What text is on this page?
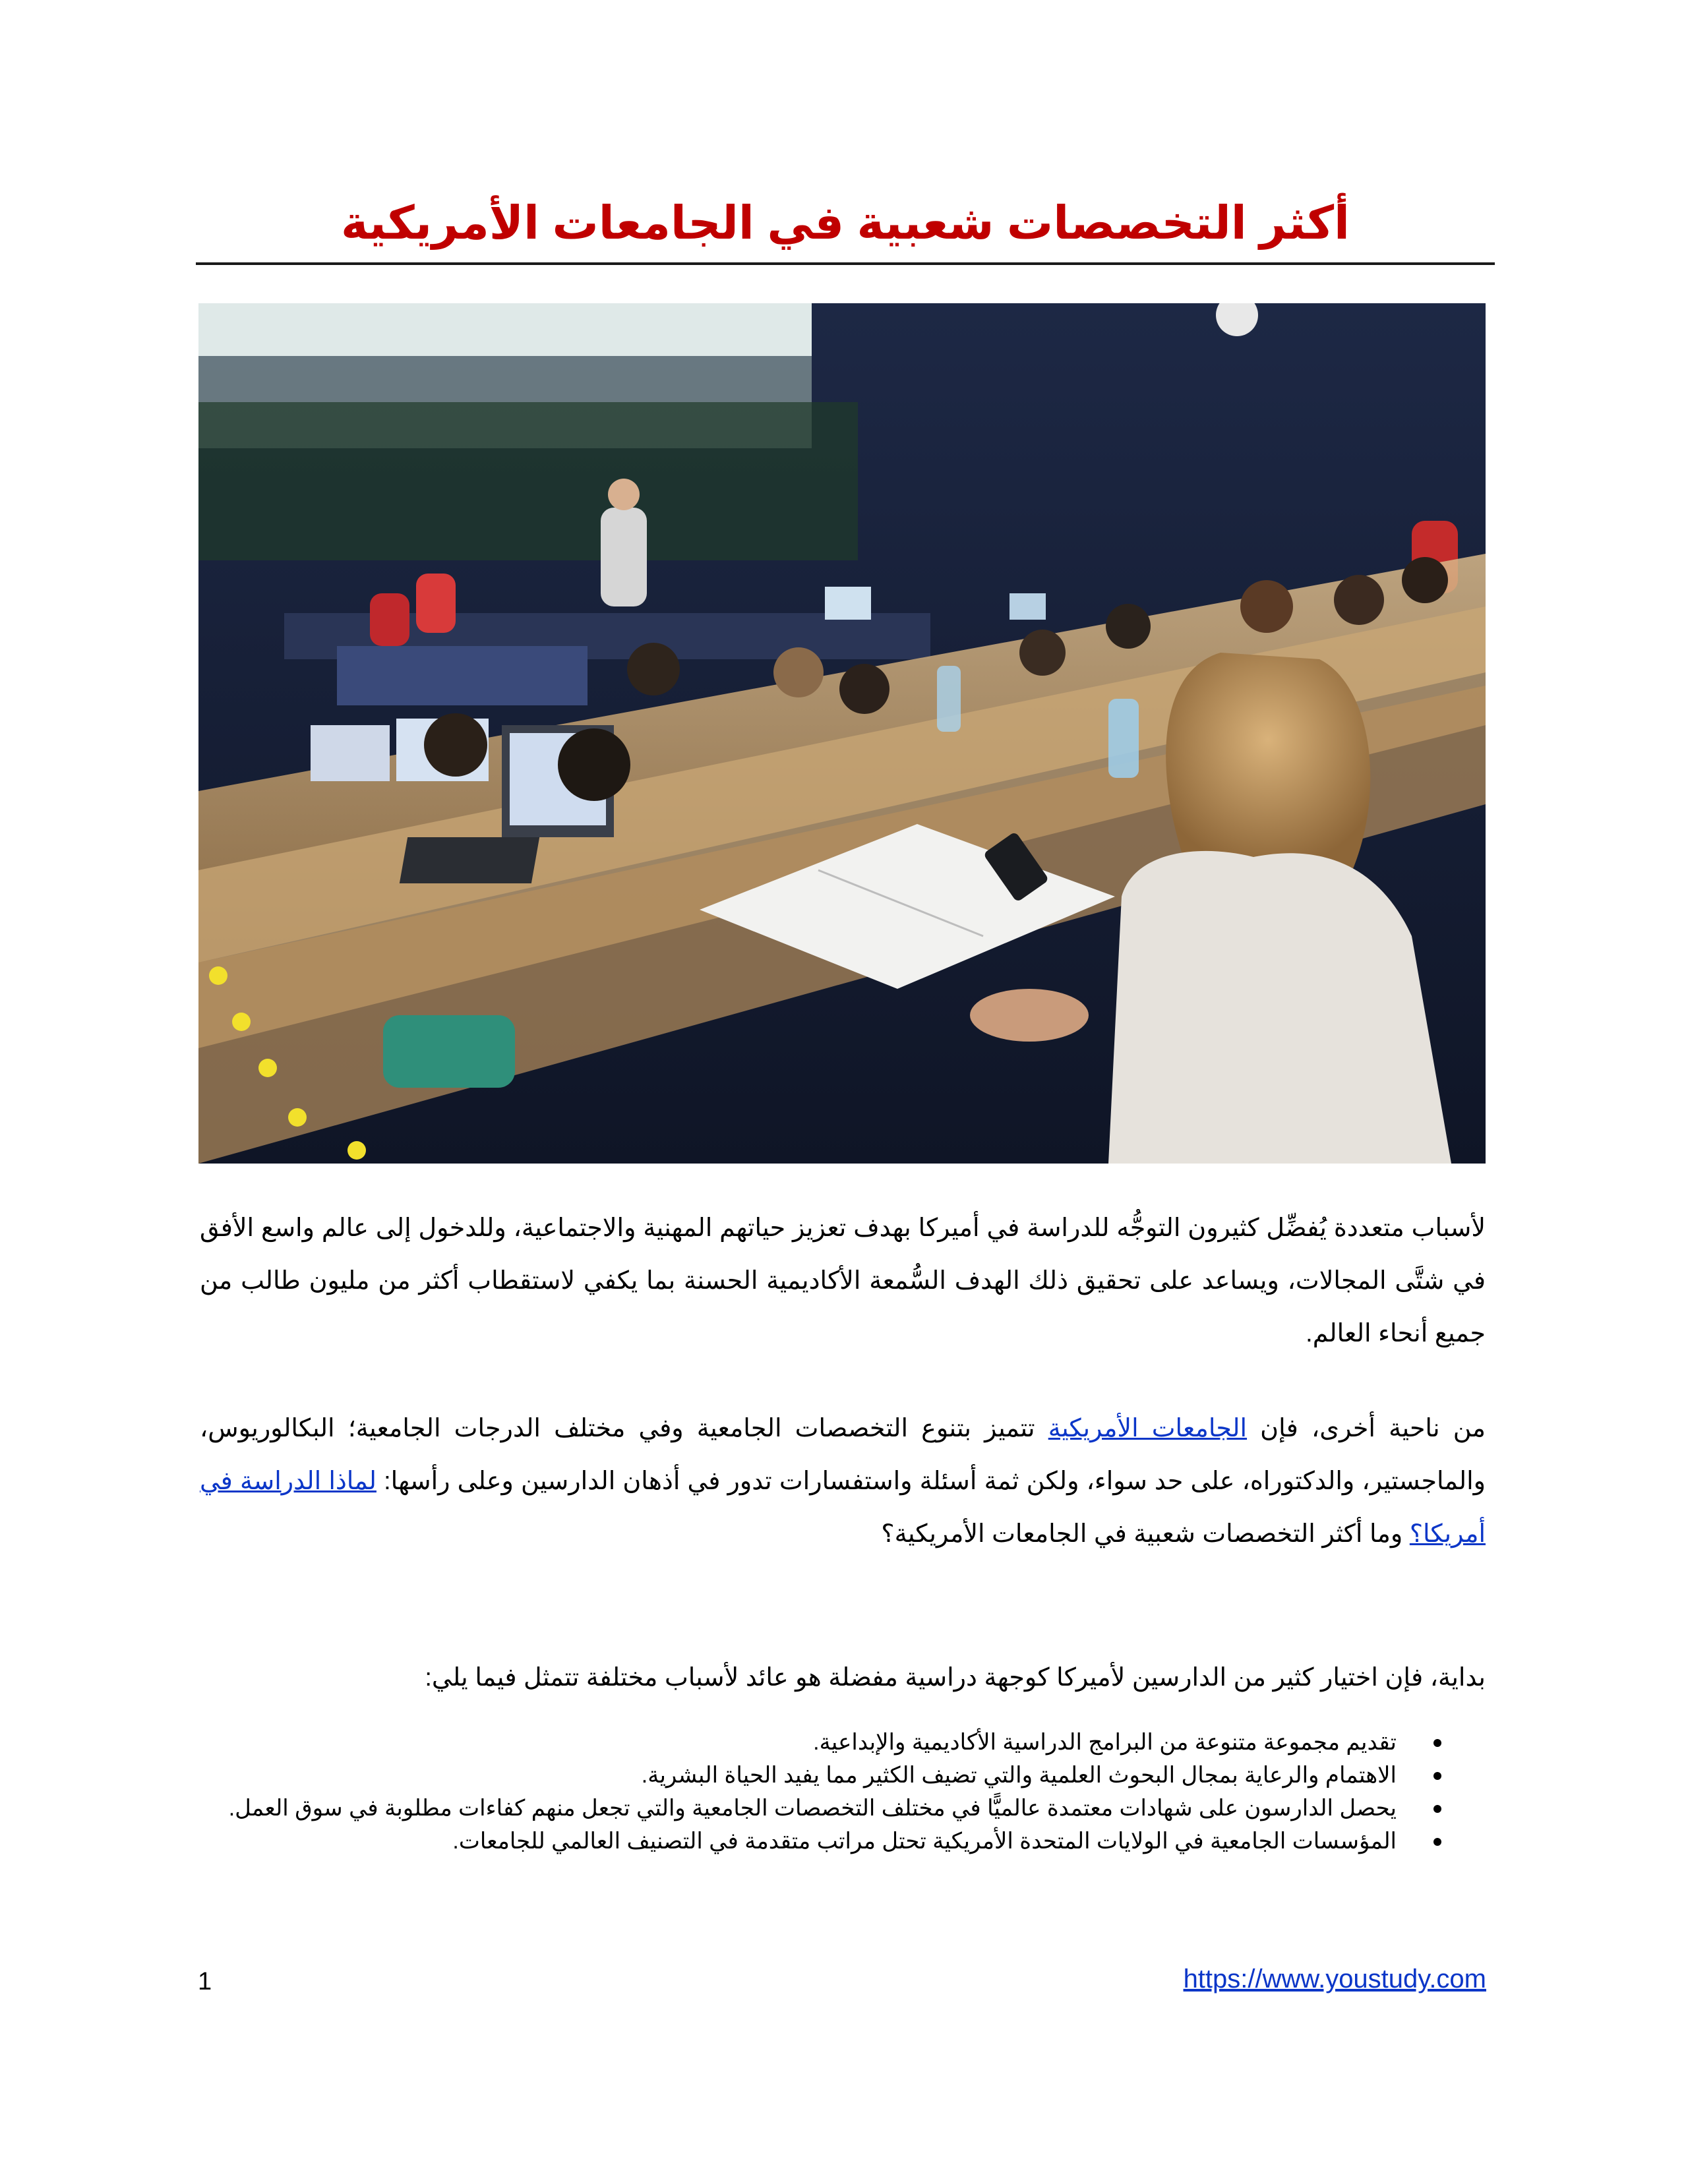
أكثر التخصصات شعبية في الجامعات الأمريكية
لأسباب متعددة يُفضِّل كثيرون التوجُّه للدراسة في أميركا بهدف تعزيز حياتهم المهنية والاجتماعية، وللدخول إلى عالم واسع الأفق في شتَّى المجالات، ويساعد على تحقيق ذلك الهدف السُّمعة الأكاديمية الحسنة بما يكفي لاستقطاب أكثر من مليون طالب من جميع أنحاء العالم.
من ناحية أخرى، فإن الجامعات الأمريكية تتميز بتنوع التخصصات الجامعية وفي مختلف الدرجات الجامعية؛ البكالوريوس، والماجستير، والدكتوراه، على حد سواء، ولكن ثمة أسئلة واستفسارات تدور في أذهان الدارسين وعلى رأسها: لماذا الدراسة في أمريكا؟ وما أكثر التخصصات شعبية في الجامعات الأمريكية؟
بداية، فإن اختيار كثير من الدارسين لأميركا كوجهة دراسية مفضلة هو عائد لأسباب مختلفة تتمثل فيما يلي:
تقديم مجموعة متنوعة من البرامج الدراسية الأكاديمية والإبداعية.
الاهتمام والرعاية بمجال البحوث العلمية والتي تضيف الكثير مما يفيد الحياة البشرية.
يحصل الدارسون على شهادات معتمدة عالميًّا في مختلف التخصصات الجامعية والتي تجعل منهم كفاءات مطلوبة في سوق العمل.
المؤسسات الجامعية في الولايات المتحدة الأمريكية تحتل مراتب متقدمة في التصنيف العالمي للجامعات.
1	https://www.youstudy.com
